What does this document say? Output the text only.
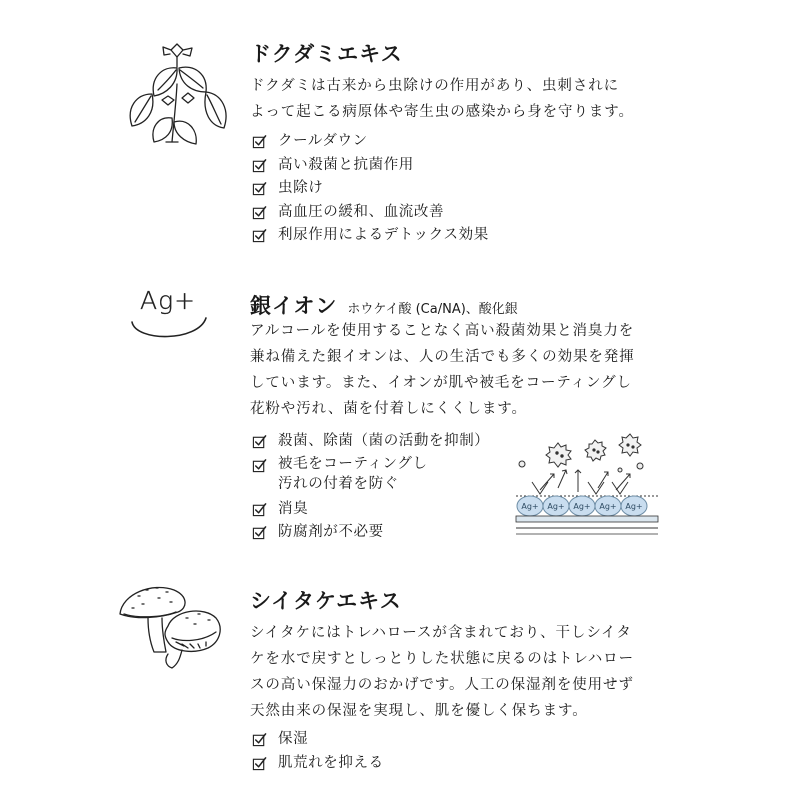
ドクダミエキス

ドクダミは古来から虫除けの作用があり、虫刺されに
よって起こる病原体や寄生虫の感染から身を守ります。

クールダウン
高い殺菌と抗菌作用
虫除け
高血圧の緩和、血流改善
利尿作用によるデトックス効果
Ag+	銀イオン ホウケイ酸 (Ca/NA)、酸化銀

アルコールを使用することなく高い殺菌効果と消臭力を
兼ね備えた銀イオンは、人の生活でも多くの効果を発揮
しています。また、イオンが肌や被毛をコーティングし
花粉や汚れ、菌を付着しにくくします。

殺菌、除菌（菌の活動を抑制）
被毛をコーティングし
汚れの付着を防ぐ
消臭
防腐剤が不必要
Ag+ Ag+ Ag+ Ag+ Ag+
シイタケエキス

シイタケにはトレハロースが含まれており、干しシイタ
ケを水で戻すとしっとりした状態に戻るのはトレハロー
スの高い保湿力のおかげです。人工の保湿剤を使用せず
天然由来の保湿を実現し、肌を優しく保ちます。

保湿
肌荒れを抑える
